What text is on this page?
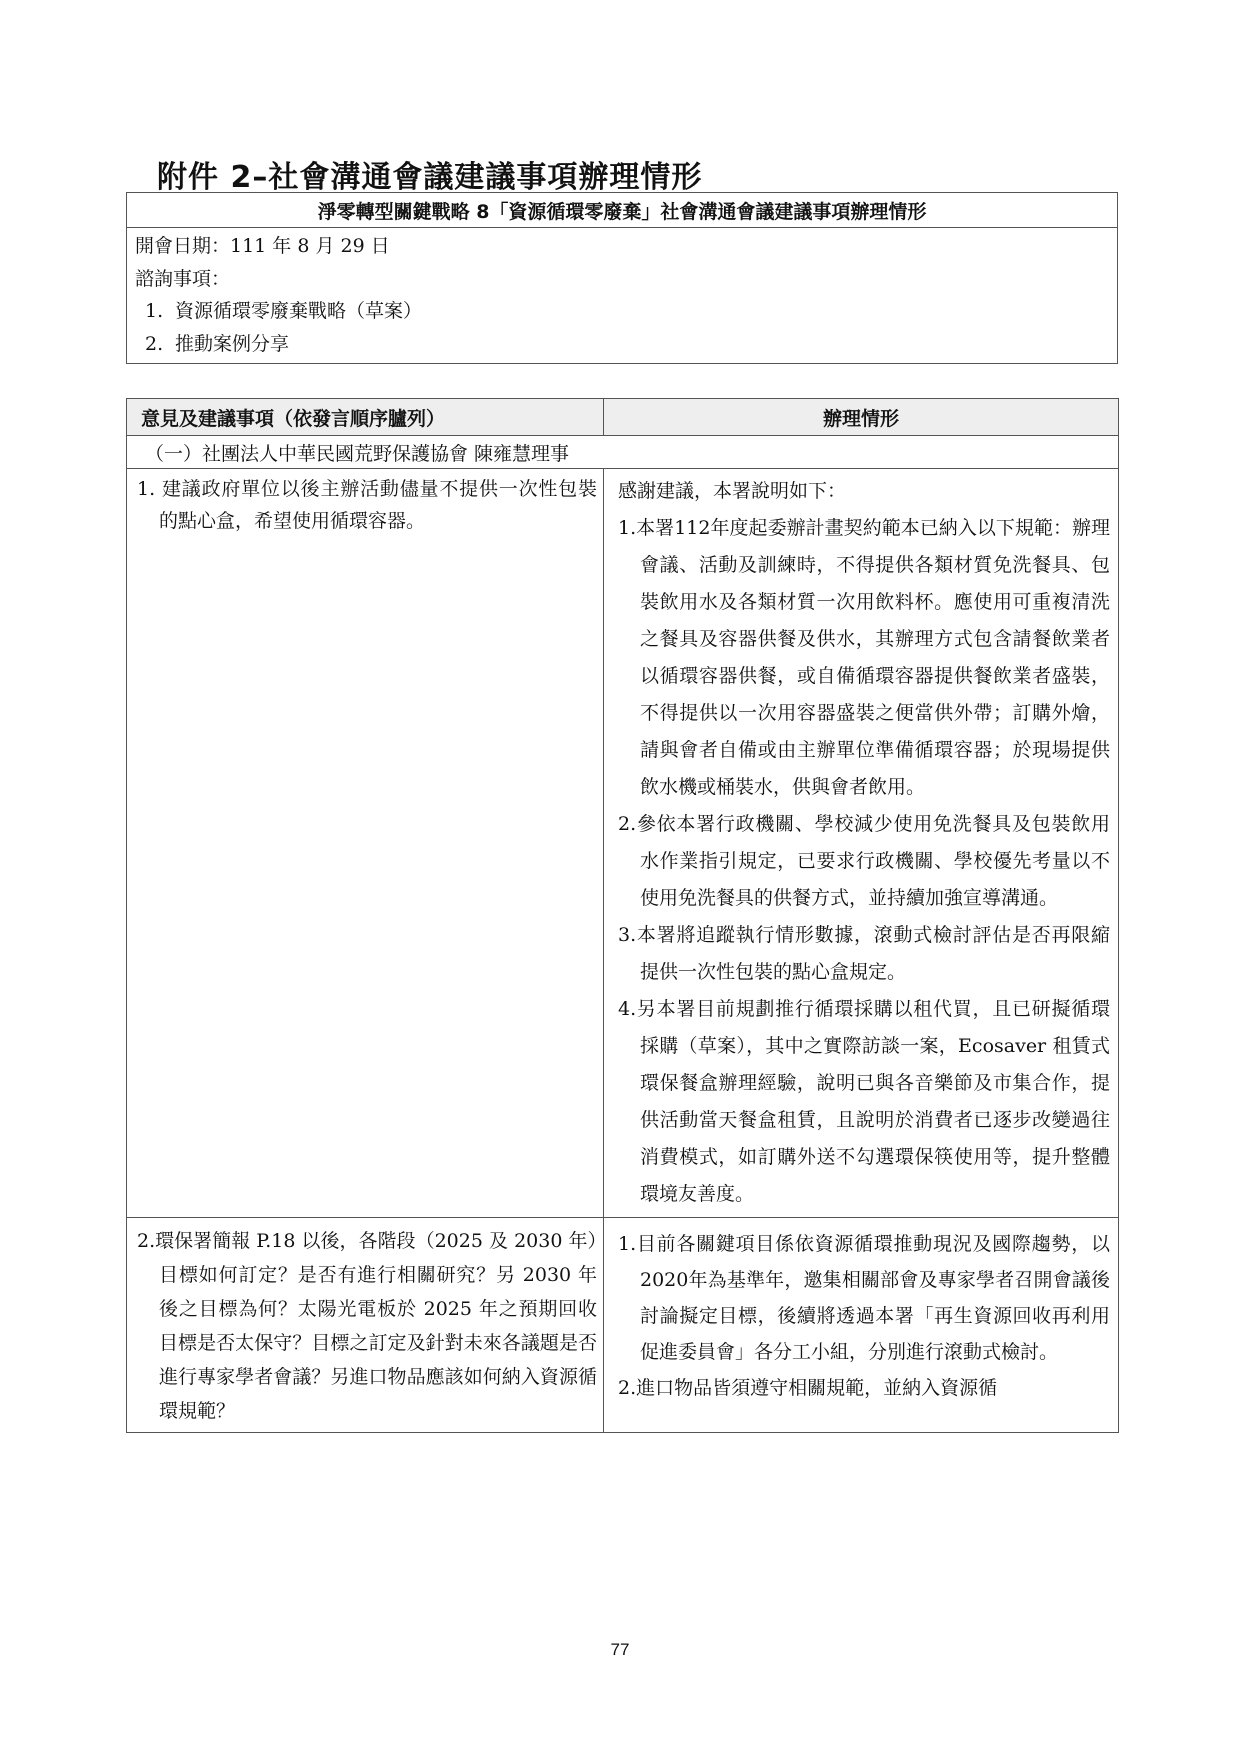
附件 2–社會溝通會議建議事項辦理情形
淨零轉型關鍵戰略 8「資源循環零廢棄」社會溝通會議建議事項辦理情形

開會日期：111 年 8 月 29 日
諮詢事項：
1. 資源循環零廢棄戰略（草案）
2. 推動案例分享
意見及建議事項（依發言順序臚列）	辦理情形
（一）社團法人中華民國荒野保護協會 陳雍慧理事	

1. 建議政府單位以後主辦活動儘量不提供一次性包裝的點心盒，希望使用循環容器。	感謝建議，本署說明如下：
1.本署112年度起委辦計畫契約範本已納入以下規範：辦理會議、活動及訓練時，不得提供各類材質免洗餐具、包裝飲用水及各類材質一次用飲料杯。應使用可重複清洗之餐具及容器供餐及供水，其辦理方式包含請餐飲業者以循環容器供餐，或自備循環容器提供餐飲業者盛裝，不得提供以一次用容器盛裝之便當供外帶；訂購外燴，請與會者自備或由主辦單位準備循環容器；於現場提供飲水機或桶裝水，供與會者飲用。
2.參依本署行政機關、學校減少使用免洗餐具及包裝飲用水作業指引規定，已要求行政機關、學校優先考量以不使用免洗餐具的供餐方式，並持續加強宣導溝通。
3.本署將追蹤執行情形數據，滾動式檢討評估是否再限縮提供一次性包裝的點心盒規定。
4.另本署目前規劃推行循環採購以租代買，且已研擬循環採購（草案），其中之實際訪談一案，Ecosaver 租賃式環保餐盒辦理經驗，說明已與各音樂節及市集合作，提供活動當天餐盒租賃，且說明於消費者已逐步改變過往消費模式，如訂購外送不勾選環保筷使用等，提升整體環境友善度。

2.環保署簡報 P.18 以後，各階段（2025 及 2030 年）目標如何訂定？是否有進行相關研究？另 2030 年後之目標為何？太陽光電板於 2025 年之預期回收目標是否太保守？目標之訂定及針對未來各議題是否進行專家學者會議？另進口物品應該如何納入資源循環規範？	1.目前各關鍵項目係依資源循環推動現況及國際趨勢，以2020年為基準年，邀集相關部會及專家學者召開會議後討論擬定目標，後續將透過本署「再生資源回收再利用促進委員會」各分工小組，分別進行滾動式檢討。
2.進口物品皆須遵守相關規範，並納入資源循
77
